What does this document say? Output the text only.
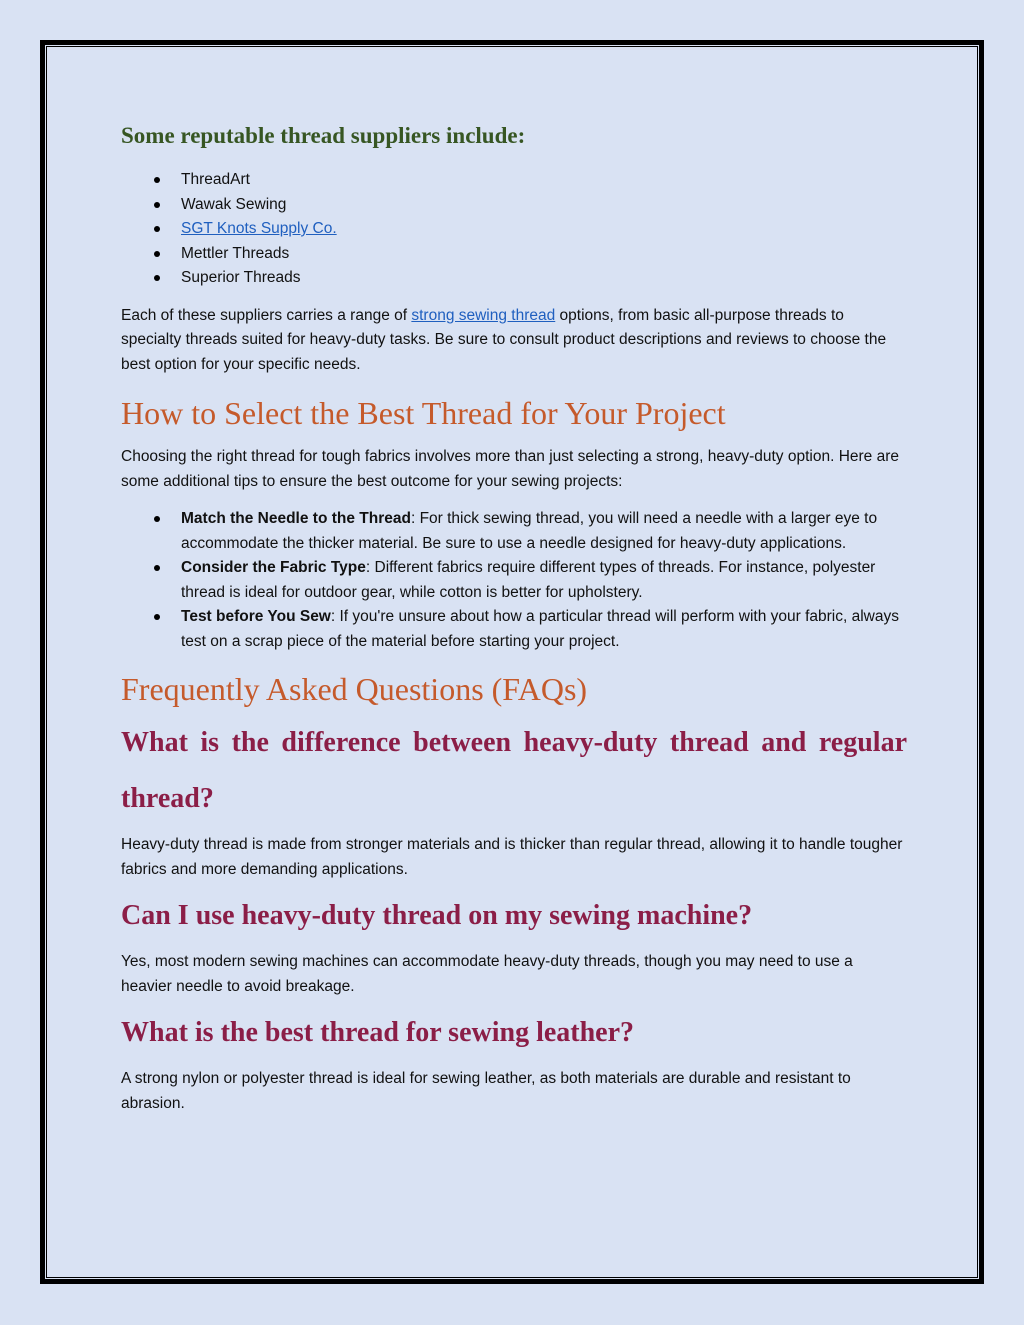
Some reputable thread suppliers include:
ThreadArt
Wawak Sewing
SGT Knots Supply Co.
Mettler Threads
Superior Threads

Each of these suppliers carries a range of strong sewing thread options, from basic all-purpose threads to specialty threads suited for heavy-duty tasks. Be sure to consult product descriptions and reviews to choose the best option for your specific needs.

How to Select the Best Thread for Your Project

Choosing the right thread for tough fabrics involves more than just selecting a strong, heavy-duty option. Here are some additional tips to ensure the best outcome for your sewing projects:

Match the Needle to the Thread: For thick sewing thread, you will need a needle with a larger eye to accommodate the thicker material. Be sure to use a needle designed for heavy-duty applications.
Consider the Fabric Type: Different fabrics require different types of threads. For instance, polyester thread is ideal for outdoor gear, while cotton is better for upholstery.
Test before You Sew: If you're unsure about how a particular thread will perform with your fabric, always test on a scrap piece of the material before starting your project.
Frequently Asked Questions (FAQs)
What is the difference between heavy-duty thread and regular thread?

Heavy-duty thread is made from stronger materials and is thicker than regular thread, allowing it to handle tougher fabrics and more demanding applications.

Can I use heavy-duty thread on my sewing machine?

Yes, most modern sewing machines can accommodate heavy-duty threads, though you may need to use a heavier needle to avoid breakage.

What is the best thread for sewing leather?

A strong nylon or polyester thread is ideal for sewing leather, as both materials are durable and resistant to abrasion.
